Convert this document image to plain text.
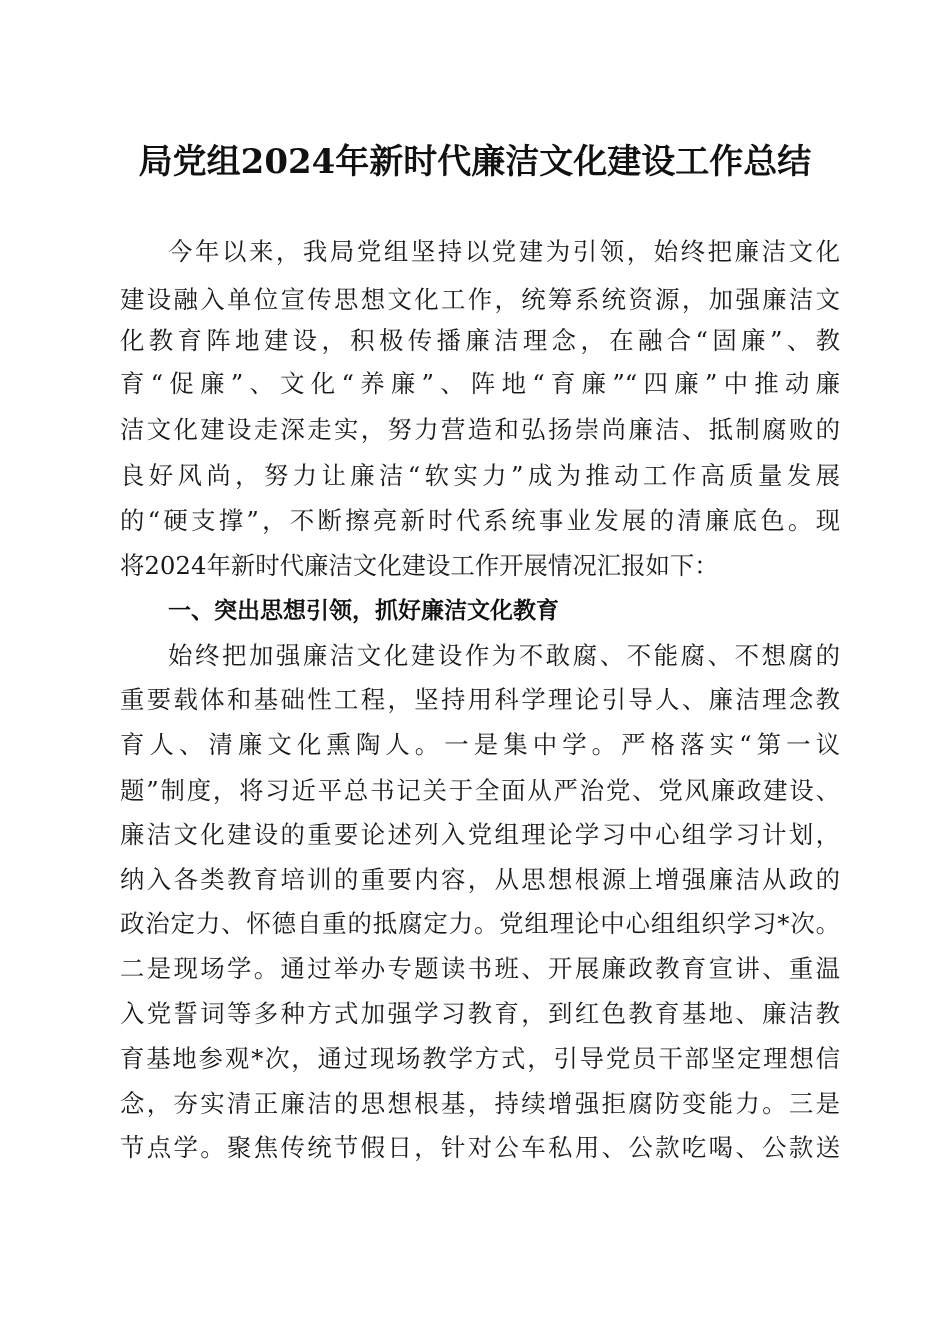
局党组2024年新时代廉洁文化建设工作总结
今年以来，我局党组坚持以党建为引领，始终把廉洁文化
建设融入单位宣传思想文化工作，统筹系统资源，加强廉洁文
化教育阵地建设，积极传播廉洁理念，在融合“固廉”、教
育“促廉”、文化“养廉”、阵地“育廉”“四廉”中推动廉
洁文化建设走深走实，努力营造和弘扬崇尚廉洁、抵制腐败的
良好风尚，努力让廉洁“软实力”成为推动工作高质量发展
的“硬支撑”，不断擦亮新时代系统事业发展的清廉底色。现
将2024年新时代廉洁文化建设工作开展情况汇报如下：
一、突出思想引领，抓好廉洁文化教育
始终把加强廉洁文化建设作为不敢腐、不能腐、不想腐的
重要载体和基础性工程，坚持用科学理论引导人、廉洁理念教
育人、清廉文化熏陶人。一是集中学。严格落实“第一议
题”制度，将习近平总书记关于全面从严治党、党风廉政建设、
廉洁文化建设的重要论述列入党组理论学习中心组学习计划，
纳入各类教育培训的重要内容，从思想根源上增强廉洁从政的
政治定力、怀德自重的抵腐定力。党组理论中心组组织学习*次。
二是现场学。通过举办专题读书班、开展廉政教育宣讲、重温
入党誓词等多种方式加强学习教育，到红色教育基地、廉洁教
育基地参观*次，通过现场教学方式，引导党员干部坚定理想信
念，夯实清正廉洁的思想根基，持续增强拒腐防变能力。三是
节点学。聚焦传统节假日，针对公车私用、公款吃喝、公款送
